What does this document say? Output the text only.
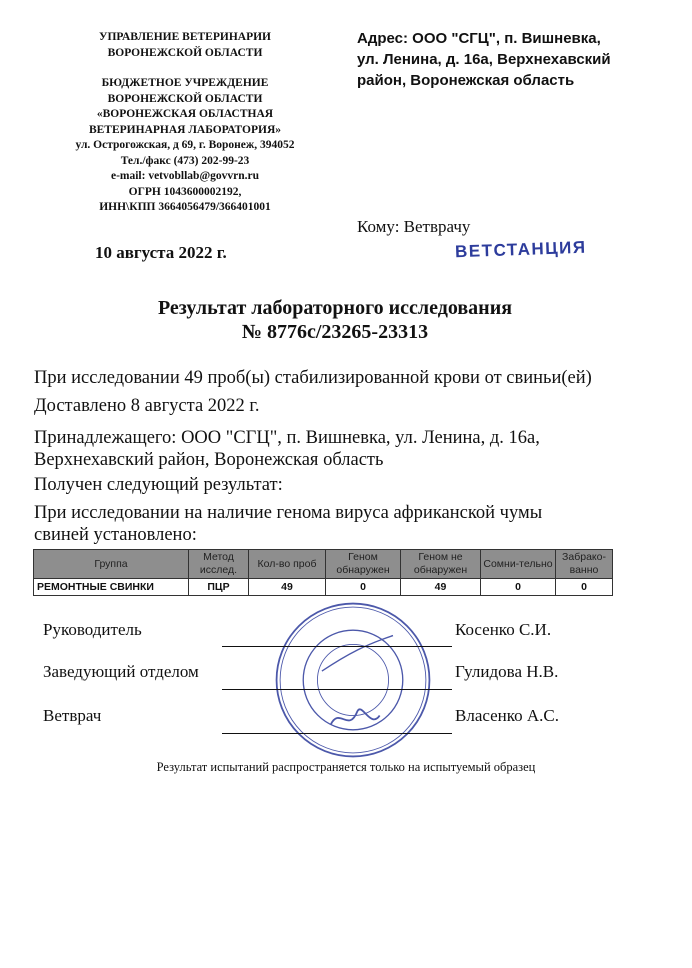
УПРАВЛЕНИЕ ВЕТЕРИНАРИИ
ВОРОНЕЖСКОЙ ОБЛАСТИ
БЮДЖЕТНОЕ УЧРЕЖДЕНИЕ
ВОРОНЕЖСКОЙ ОБЛАСТИ
«ВОРОНЕЖСКАЯ ОБЛАСТНАЯ
ВЕТЕРИНАРНАЯ ЛАБОРАТОРИЯ»
ул. Острогожская, д 69, г. Воронеж, 394052
Тел./факс (473) 202-99-23
e-mail: vetvobllab@govvrn.ru
ОГРН 1043600002192,
ИНН\КПП 3664056479/366401001
Адрес: ООО "СГЦ", п. Вишневка,
ул. Ленина, д. 16а, Верхнехавский
район, Воронежская область
Кому: Ветврачу
ВЕТСТАНЦИЯ
10 августа 2022 г.
Результат лабораторного исследования
№ 8776с/23265-23313
При исследовании 49 проб(ы) стабилизированной крови от свиньи(ей)
Доставлено 8 августа 2022 г.
Принадлежащего: ООО "СГЦ", п. Вишневка, ул. Ленина, д. 16а,
Верхнехавский район, Воронежская область
Получен следующий результат:
При исследовании на наличие генома вируса африканской чумы
свиней установлено:
Группа	Метод исслед.	Кол-во проб	Геном обнаружен	Геном не обнаружен	Сомни-тельно	Забрако-ванно
РЕМОНТНЫЕ СВИНКИ	ПЦР	49	0	49	0	0
Руководитель	Косенко С.И.
Заведующий отделом	Гулидова Н.В.
Ветврач	Власенко А.С.
Результат испытаний распространяется только на испытуемый образец
